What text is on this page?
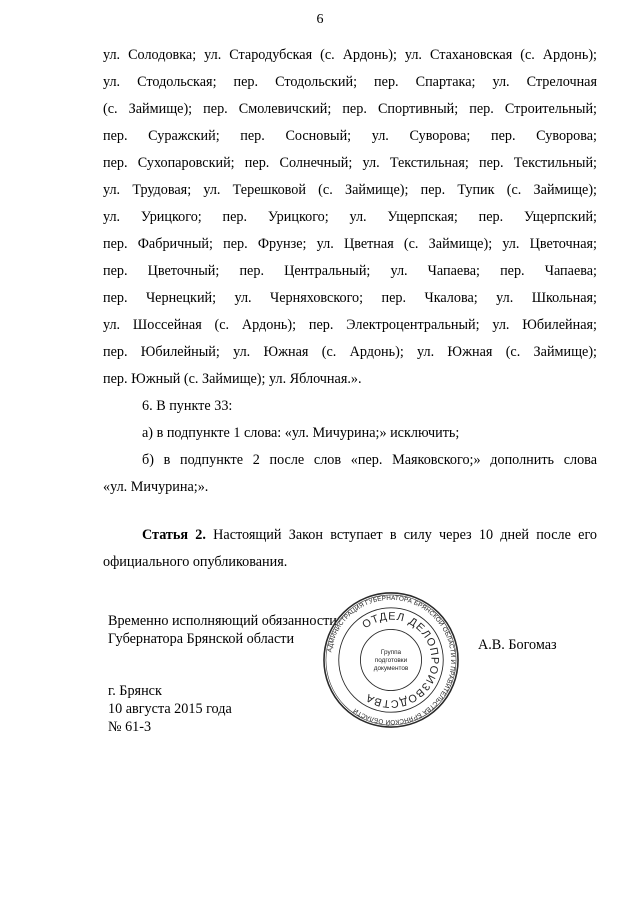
6
ул. Солодовка; ул. Стародубская (с. Ардонь); ул. Стахановская (с. Ардонь);
ул. Стодольская; пер. Стодольский; пер. Спартака; ул. Стрелочная
(с. Займище); пер. Смолевичский; пер. Спортивный; пер. Строительный;
пер. Суражский; пер. Сосновый; ул. Суворова; пер. Суворова;
пер. Сухопаровский; пер. Солнечный; ул. Текстильная; пер. Текстильный;
ул. Трудовая; ул. Терешковой (с. Займище); пер. Тупик (с. Займище);
ул. Урицкого; пер. Урицкого; ул. Ущерпская; пер. Ущерпский;
пер. Фабричный; пер. Фрунзе; ул. Цветная (с. Займище); ул. Цветочная;
пер. Цветочный; пер. Центральный; ул. Чапаева; пер. Чапаева;
пер. Чернецкий; ул. Черняховского; пер. Чкалова; ул. Школьная;
ул. Шоссейная (с. Ардонь); пер. Электроцентральный; ул. Юбилейная;
пер. Юбилейный; ул. Южная (с. Ардонь); ул. Южная (с. Займище);
пер. Южный (с. Займище); ул. Яблочная.».
6. В пункте 33:
а) в подпункте 1 слова: «ул. Мичурина;» исключить;
б) в подпункте 2 после слов «пер. Маяковского;» дополнить слова
«ул. Мичурина;».
Статья 2. Настоящий Закон вступает в силу через 10 дней после его
официального опубликования.
Временно исполняющий обязанности
Губернатора Брянской области	А.В. Богомаз
г. Брянск
10 августа 2015 года
№ 61-3
АДМИНИСТРАЦИЯ ГУБЕРНАТОРА БРЯНСКОЙ ОБЛАСТИ И ПРАВИТЕЛЬСТВА БРЯНСКОЙ ОБЛАСТИ
ОТДЕЛ ДЕЛОПРОИЗВОДСТВА
Группа
подготовки
документов
